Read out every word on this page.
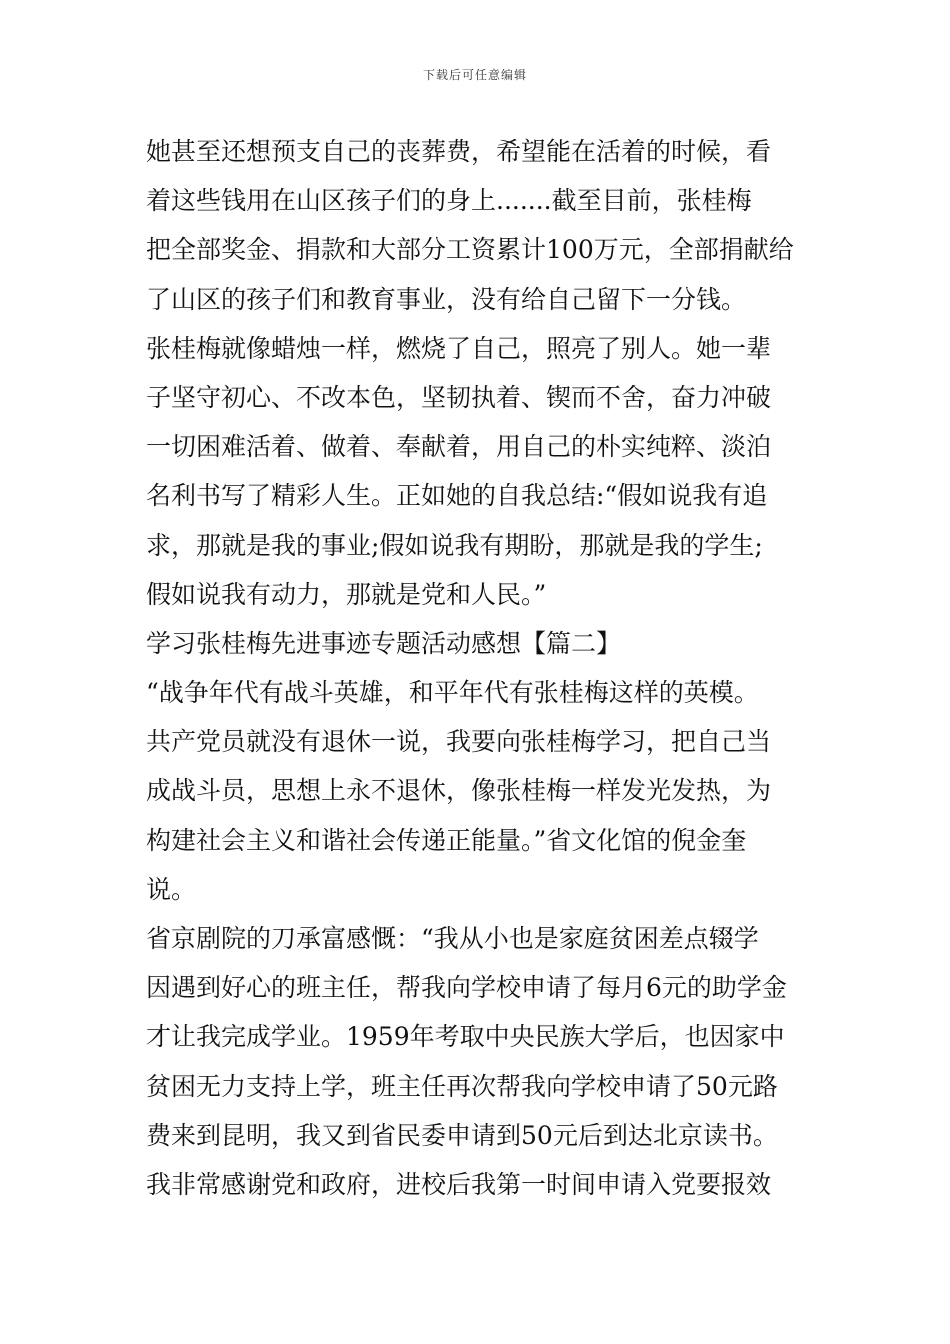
下载后可任意编辑
她甚至还想预支自己的丧葬费，希望能在活着的时候，看
着这些钱用在山区孩子们的身上.......截至目前，张桂梅
把全部奖金、捐款和大部分工资累计100万元，全部捐献给
了山区的孩子们和教育事业，没有给自己留下一分钱。
张桂梅就像蜡烛一样，燃烧了自己，照亮了别人。她一辈
子坚守初心、不改本色，坚韧执着、锲而不舍，奋力冲破
一切困难活着、做着、奉献着，用自己的朴实纯粹、淡泊
名利书写了精彩人生。正如她的自我总结:“假如说我有追
求，那就是我的事业;假如说我有期盼，那就是我的学生;
假如说我有动力，那就是党和人民。”
学习张桂梅先进事迹专题活动感想【篇二】
“战争年代有战斗英雄，和平年代有张桂梅这样的英模。
共产党员就没有退休一说，我要向张桂梅学习，把自己当
成战斗员，思想上永不退休，像张桂梅一样发光发热，为
构建社会主义和谐社会传递正能量。”省文化馆的倪金奎
说。
省京剧院的刀承富感慨：“我从小也是家庭贫困差点辍学
因遇到好心的班主任，帮我向学校申请了每月6元的助学金
才让我完成学业。1959年考取中央民族大学后，也因家中
贫困无力支持上学，班主任再次帮我向学校申请了50元路
费来到昆明，我又到省民委申请到50元后到达北京读书。
我非常感谢党和政府，进校后我第一时间申请入党要报效
